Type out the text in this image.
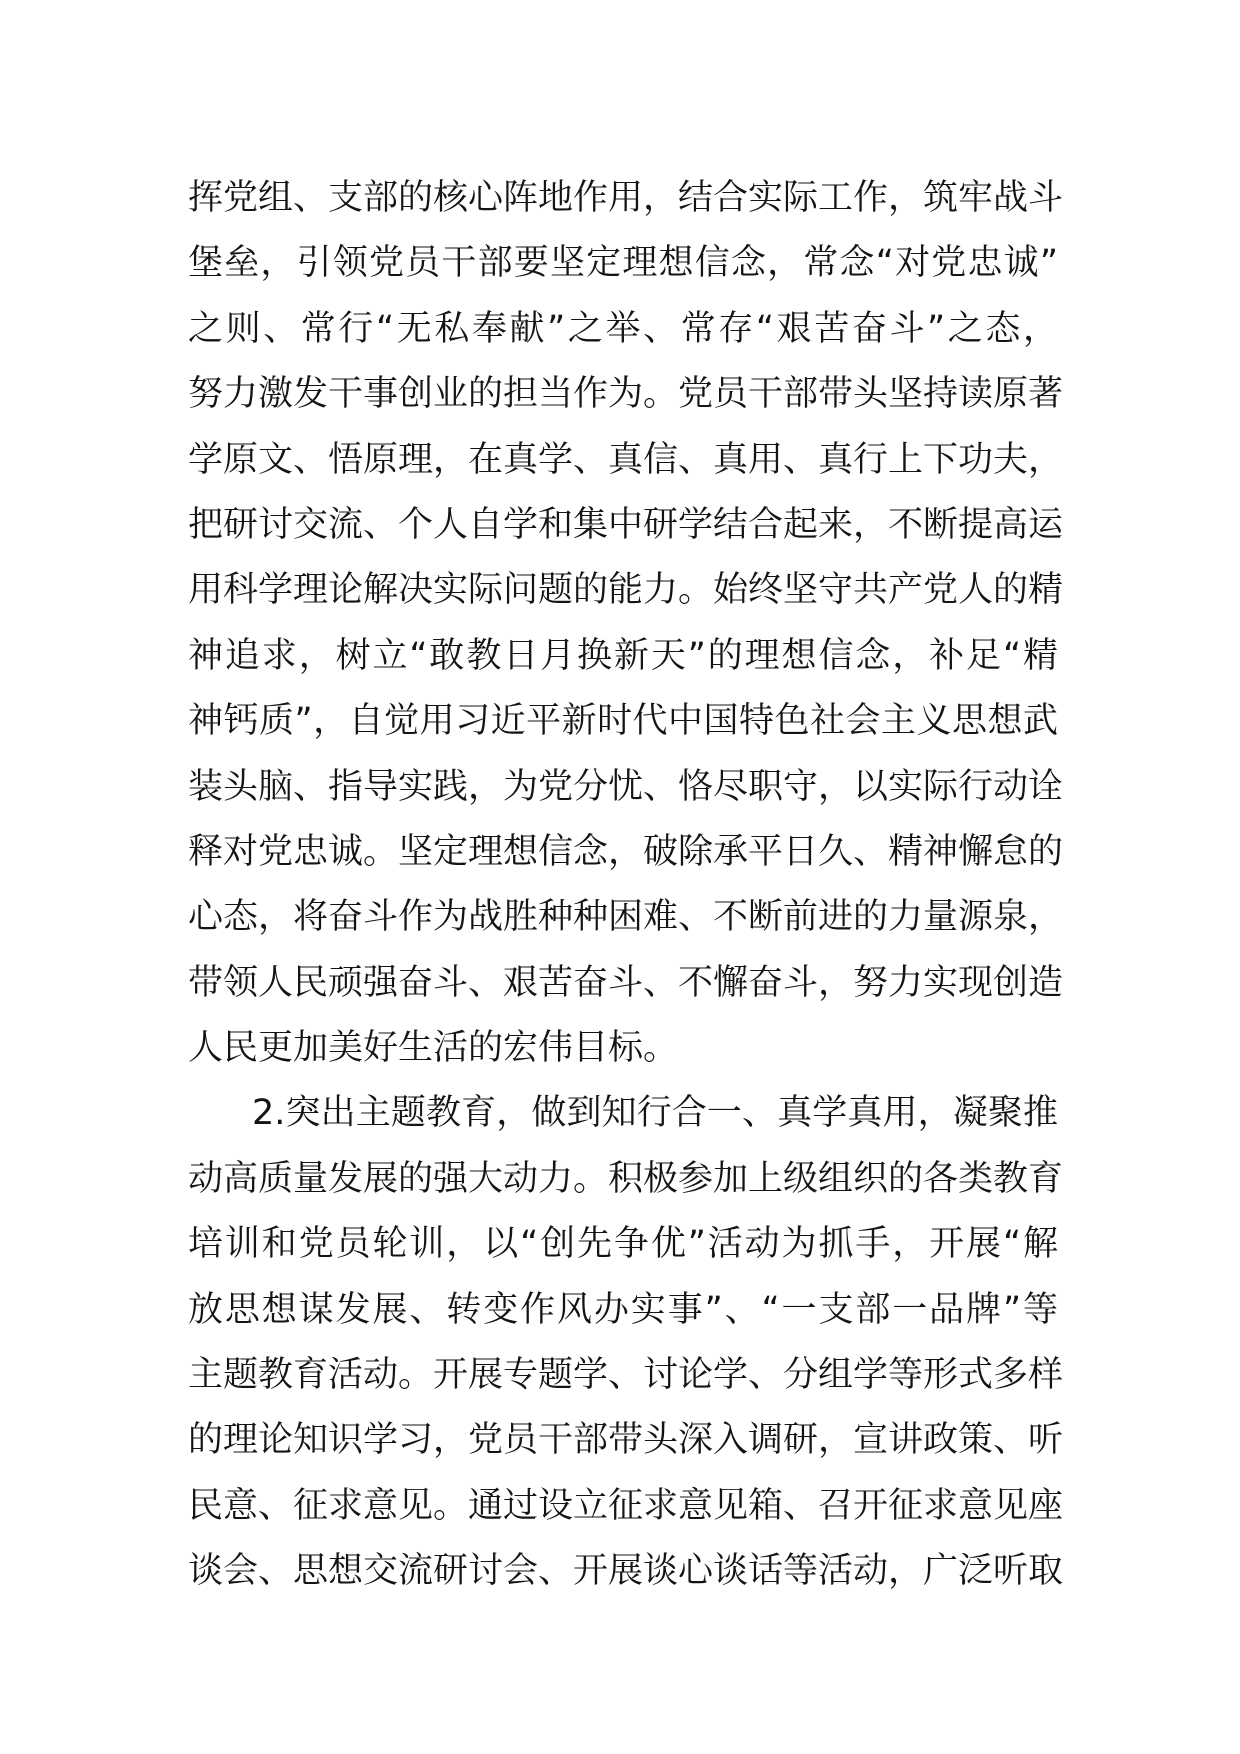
挥党组、支部的核心阵地作用，结合实际工作，筑牢战斗
堡垒，引领党员干部要坚定理想信念，常念“对党忠诚”
之则、常行“无私奉献”之举、常存“艰苦奋斗”之态，
努力激发干事创业的担当作为。党员干部带头坚持读原著
学原文、悟原理，在真学、真信、真用、真行上下功夫，
把研讨交流、个人自学和集中研学结合起来，不断提高运
用科学理论解决实际问题的能力。始终坚守共产党人的精
神追求，树立“敢教日月换新天”的理想信念，补足“精
神钙质”，自觉用习近平新时代中国特色社会主义思想武
装头脑、指导实践，为党分忧、恪尽职守，以实际行动诠
释对党忠诚。坚定理想信念，破除承平日久、精神懈怠的
心态，将奋斗作为战胜种种困难、不断前进的力量源泉，
带领人民顽强奋斗、艰苦奋斗、不懈奋斗，努力实现创造
人民更加美好生活的宏伟目标。
2.突出主题教育，做到知行合一、真学真用，凝聚推
动高质量发展的强大动力。积极参加上级组织的各类教育
培训和党员轮训，以“创先争优”活动为抓手，开展“解
放思想谋发展、转变作风办实事”、“一支部一品牌”等
主题教育活动。开展专题学、讨论学、分组学等形式多样
的理论知识学习，党员干部带头深入调研，宣讲政策、听
民意、征求意见。通过设立征求意见箱、召开征求意见座
谈会、思想交流研讨会、开展谈心谈话等活动，广泛听取
